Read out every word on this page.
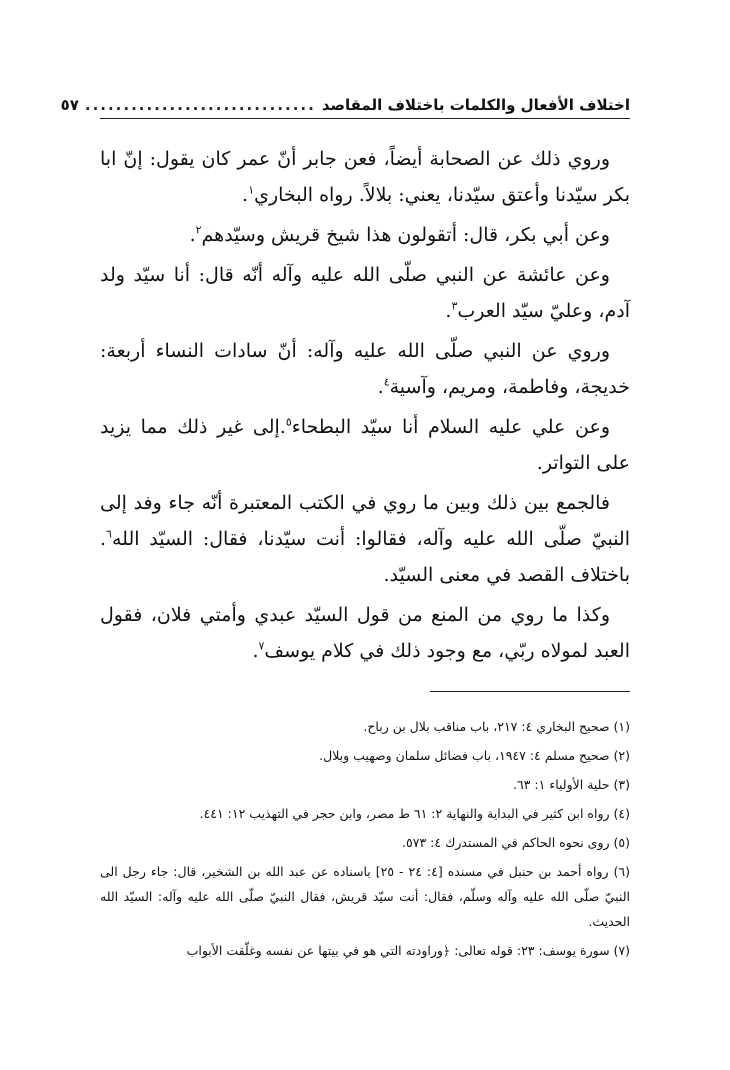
اختلاف الأفعال والكلمات باختلاف المقاصد
..............................
٥٧

وروي ذلك عن الصحابة أيضاً، فعن جابر أنّ عمر كان يقول: إنّ ابا بكر سيّدنا وأعتق سيّدنا، يعني: بلالاً. رواه البخاري$^١$.

وعن أبي بكر، قال: أتقولون هذا شيخ قريش وسيّدهم$^٢$.

وعن عائشة عن النبي صلّى الله عليه وآله أنّه قال: أنا سيّد ولد آدم، وعليّ سيّد العرب$^٣$.

وروي عن النبي صلّى الله عليه وآله: أنّ سادات النساء أربعة: خديجة، وفاطمة، ومريم، وآسية$^٤$.

وعن علي عليه السلام أنا سيّد البطحاء$^٥$.إلى غير ذلك مما يزيد على التواتر.

فالجمع بين ذلك وبين ما روي في الكتب المعتبرة أنّه جاء وفد إلى النبيّ صلّى الله عليه وآله، فقالوا: أنت سيّدنا، فقال: السيّد الله$^٦$. باختلاف القصد في معنى السيّد.

وكذا ما روي من المنع من قول السيّد عبدي وأمتي فلان، فقول العبد لمولاه ربّي، مع وجود ذلك في كلام يوسف$^٧$.

(١) صحيح البخاري ٤: ٢١٧، باب مناقب بلال بن رباح.
(٢) صحيح مسلم ٤: ١٩٤٧، باب فضائل سلمان وصهيب وبلال.
(٣) حلية الأولياء ١: ٦٣.
(٤) رواه ابن كثير في البداية والنهاية ٢: ٦١ ط مصر، وابن حجر في التهذيب ١٢: ٤٤١.
(٥) روى نحوه الحاكم في المستدرك ٤: ٥٧٣.
(٦) رواه أحمد بن حنبل في مسنده [٤: ٢٤ - ٢٥] باسناده عن عبد الله بن الشخير، قال: جاء رجل الى النبيّ صلّى الله عليه وآله وسلّم، فقال: أنت سيّد قريش، فقال النبيّ صلّى الله عليه وآله: السيّد الله الحديث.
(٧) سورة يوسف: ٢٣: قوله تعالى: ﴿وراودته التي هو في بيتها عن نفسه وغلّقت الأبواب
